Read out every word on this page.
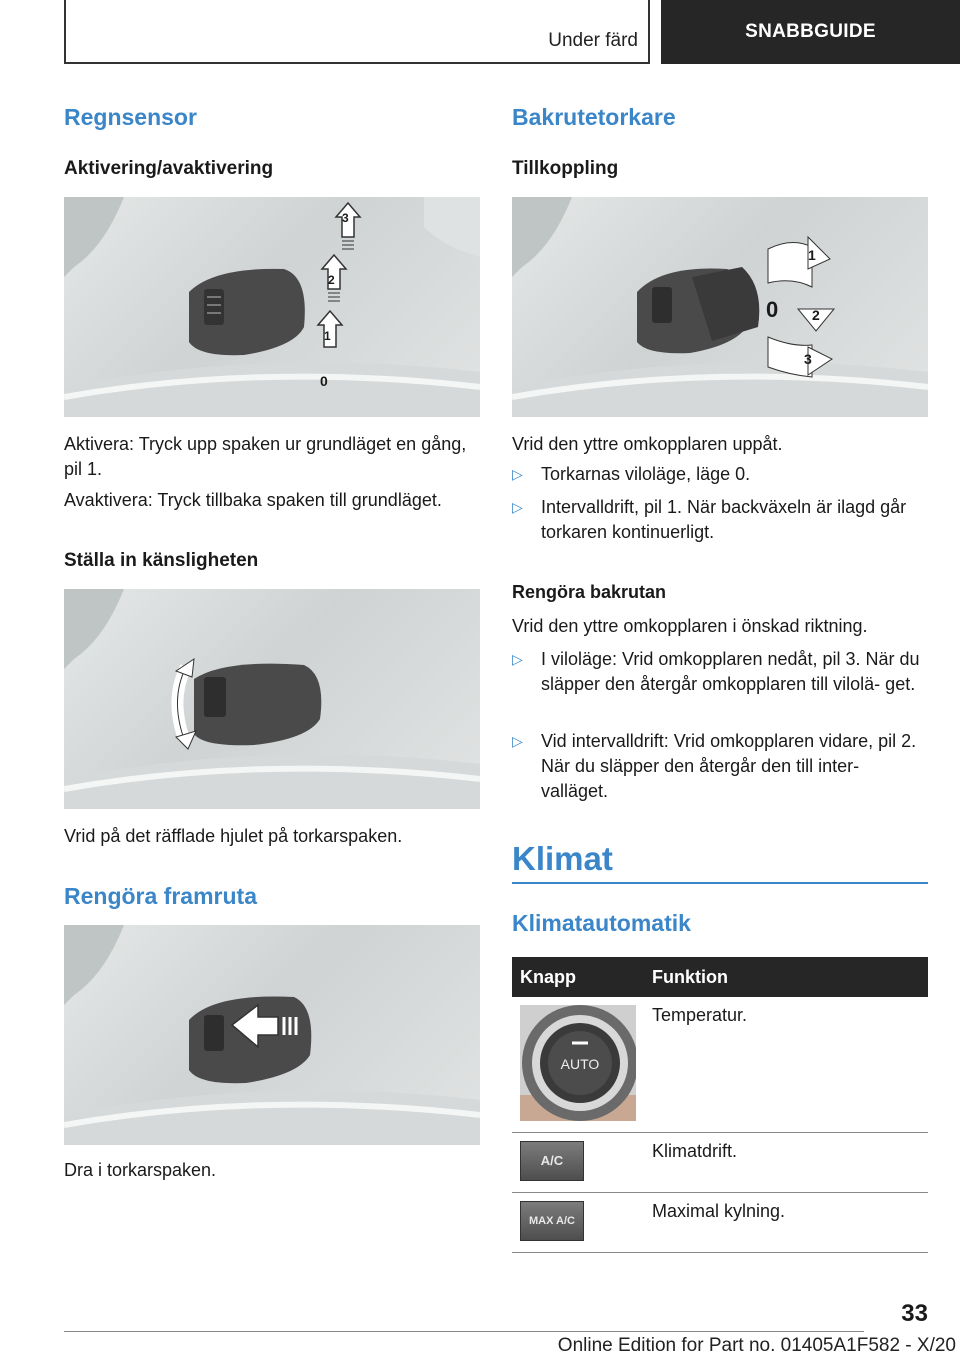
Under färd	SNABBGUIDE
Regnsensor
Aktivering/avaktivering
3
2
1
0

Aktivera: Tryck upp spaken ur grundläget en gång, pil 1.

Avaktivera: Tryck tillbaka spaken till grundläget.

Ställa in känsligheten

Vrid på det räfflade hjulet på torkarspaken.

Rengöra framruta

Dra i torkarspaken.

Bakrutetorkare
Tillkoppling
1
0 2
3

Vrid den yttre omkopplaren uppåt.

▷ Torkarnas viloläge, läge 0.
▷ Intervalldrift, pil 1. När backväxeln är ilagd går torkaren kontinuerligt.
Rengöra bakrutan

Vrid den yttre omkopplaren i önskad riktning.

▷ I viloläge: Vrid omkopplaren nedåt, pil 3. När du släpper den återgår omkopplaren till vilolä‐ get.
▷ Vid intervalldrift: Vrid omkopplaren vidare, pil 2. När du släpper den återgår den till inter‐ valläget.
Klimat
Klimatautomatik
Knapp	Funktion

AUTO	Temperatur.

A/C	Klimatdrift.

MAX A/C	Maximal kylning.
33
Online Edition for Part no. 01405A1F582 - X/20
